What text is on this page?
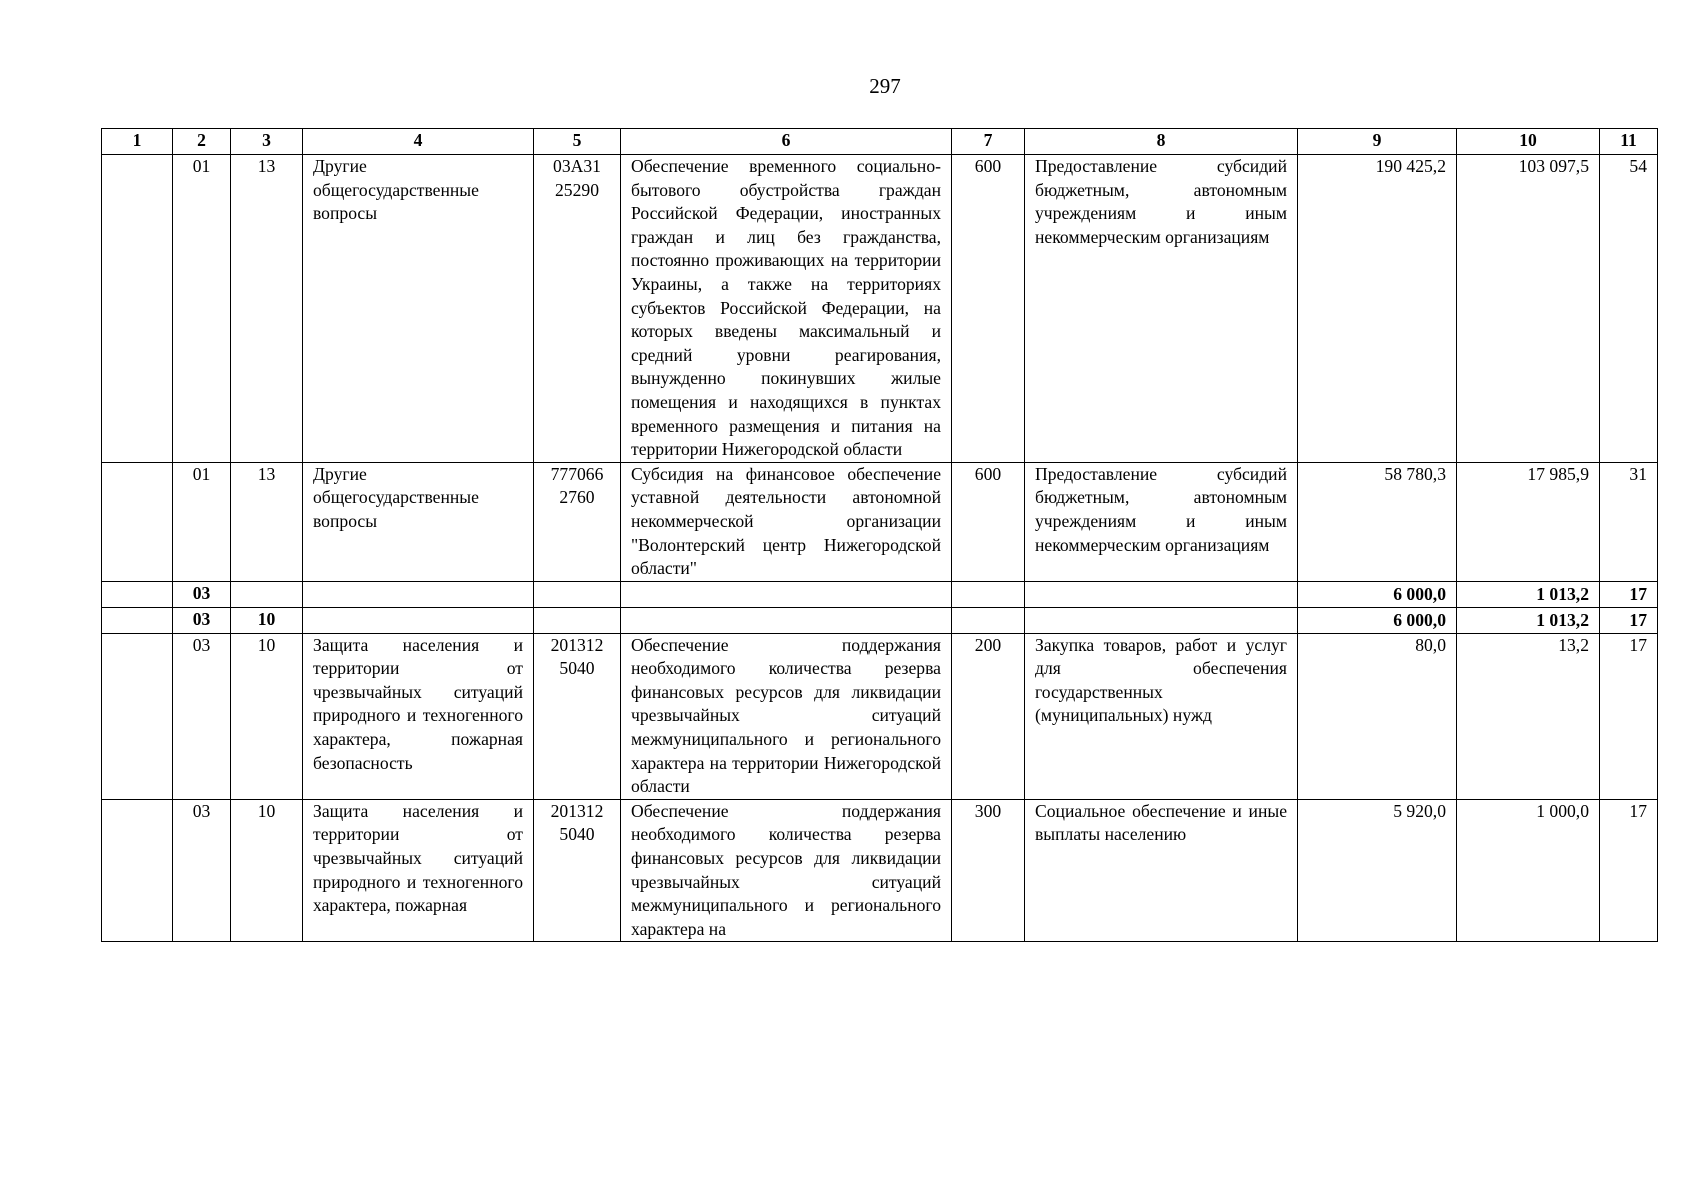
297
1	2	3	4	5	6	7	8	9	10	11
	01	13	Другие общегосударственные вопросы	03А31 25290	Обеспечение временного социально-бытового обустройства граждан Российской Федерации, иностранных граждан и лиц без гражданства, постоянно проживающих на территории Украины, а также на территориях субъектов Российской Федерации, на которых введены максимальный и средний уровни реагирования, вынужденно покинувших жилые помещения и находящихся в пунктах временного размещения и питания на территории Нижегородской области	600	Предоставление субсидий бюджетным, автономным учреждениям и иным некоммерческим организациям	190 425,2	103 097,5	54
	01	13	Другие общегосударственные вопросы	777066 2760	Субсидия на финансовое обеспечение уставной деятельности автономной некоммерческой организации "Волонтерский центр Нижегородской области"	600	Предоставление субсидий бюджетным, автономным учреждениям и иным некоммерческим организациям	58 780,3	17 985,9	31
	03							6 000,0	1 013,2	17
	03	10						6 000,0	1 013,2	17
	03	10	Защита населения и территории от чрезвычайных ситуаций природного и техногенного характера, пожарная безопасность	201312 5040	Обеспечение поддержания необходимого количества резерва финансовых ресурсов для ликвидации чрезвычайных ситуаций межмуниципального и регионального характера на территории Нижегородской области	200	Закупка товаров, работ и услуг для обеспечения государственных (муниципальных) нужд	80,0	13,2	17
	03	10	Защита населения и территории от чрезвычайных ситуаций природного и техногенного характера, пожарная	201312 5040	Обеспечение поддержания необходимого количества резерва финансовых ресурсов для ликвидации чрезвычайных ситуаций межмуниципального и регионального характера на	300	Социальное обеспечение и иные выплаты населению	5 920,0	1 000,0	17
